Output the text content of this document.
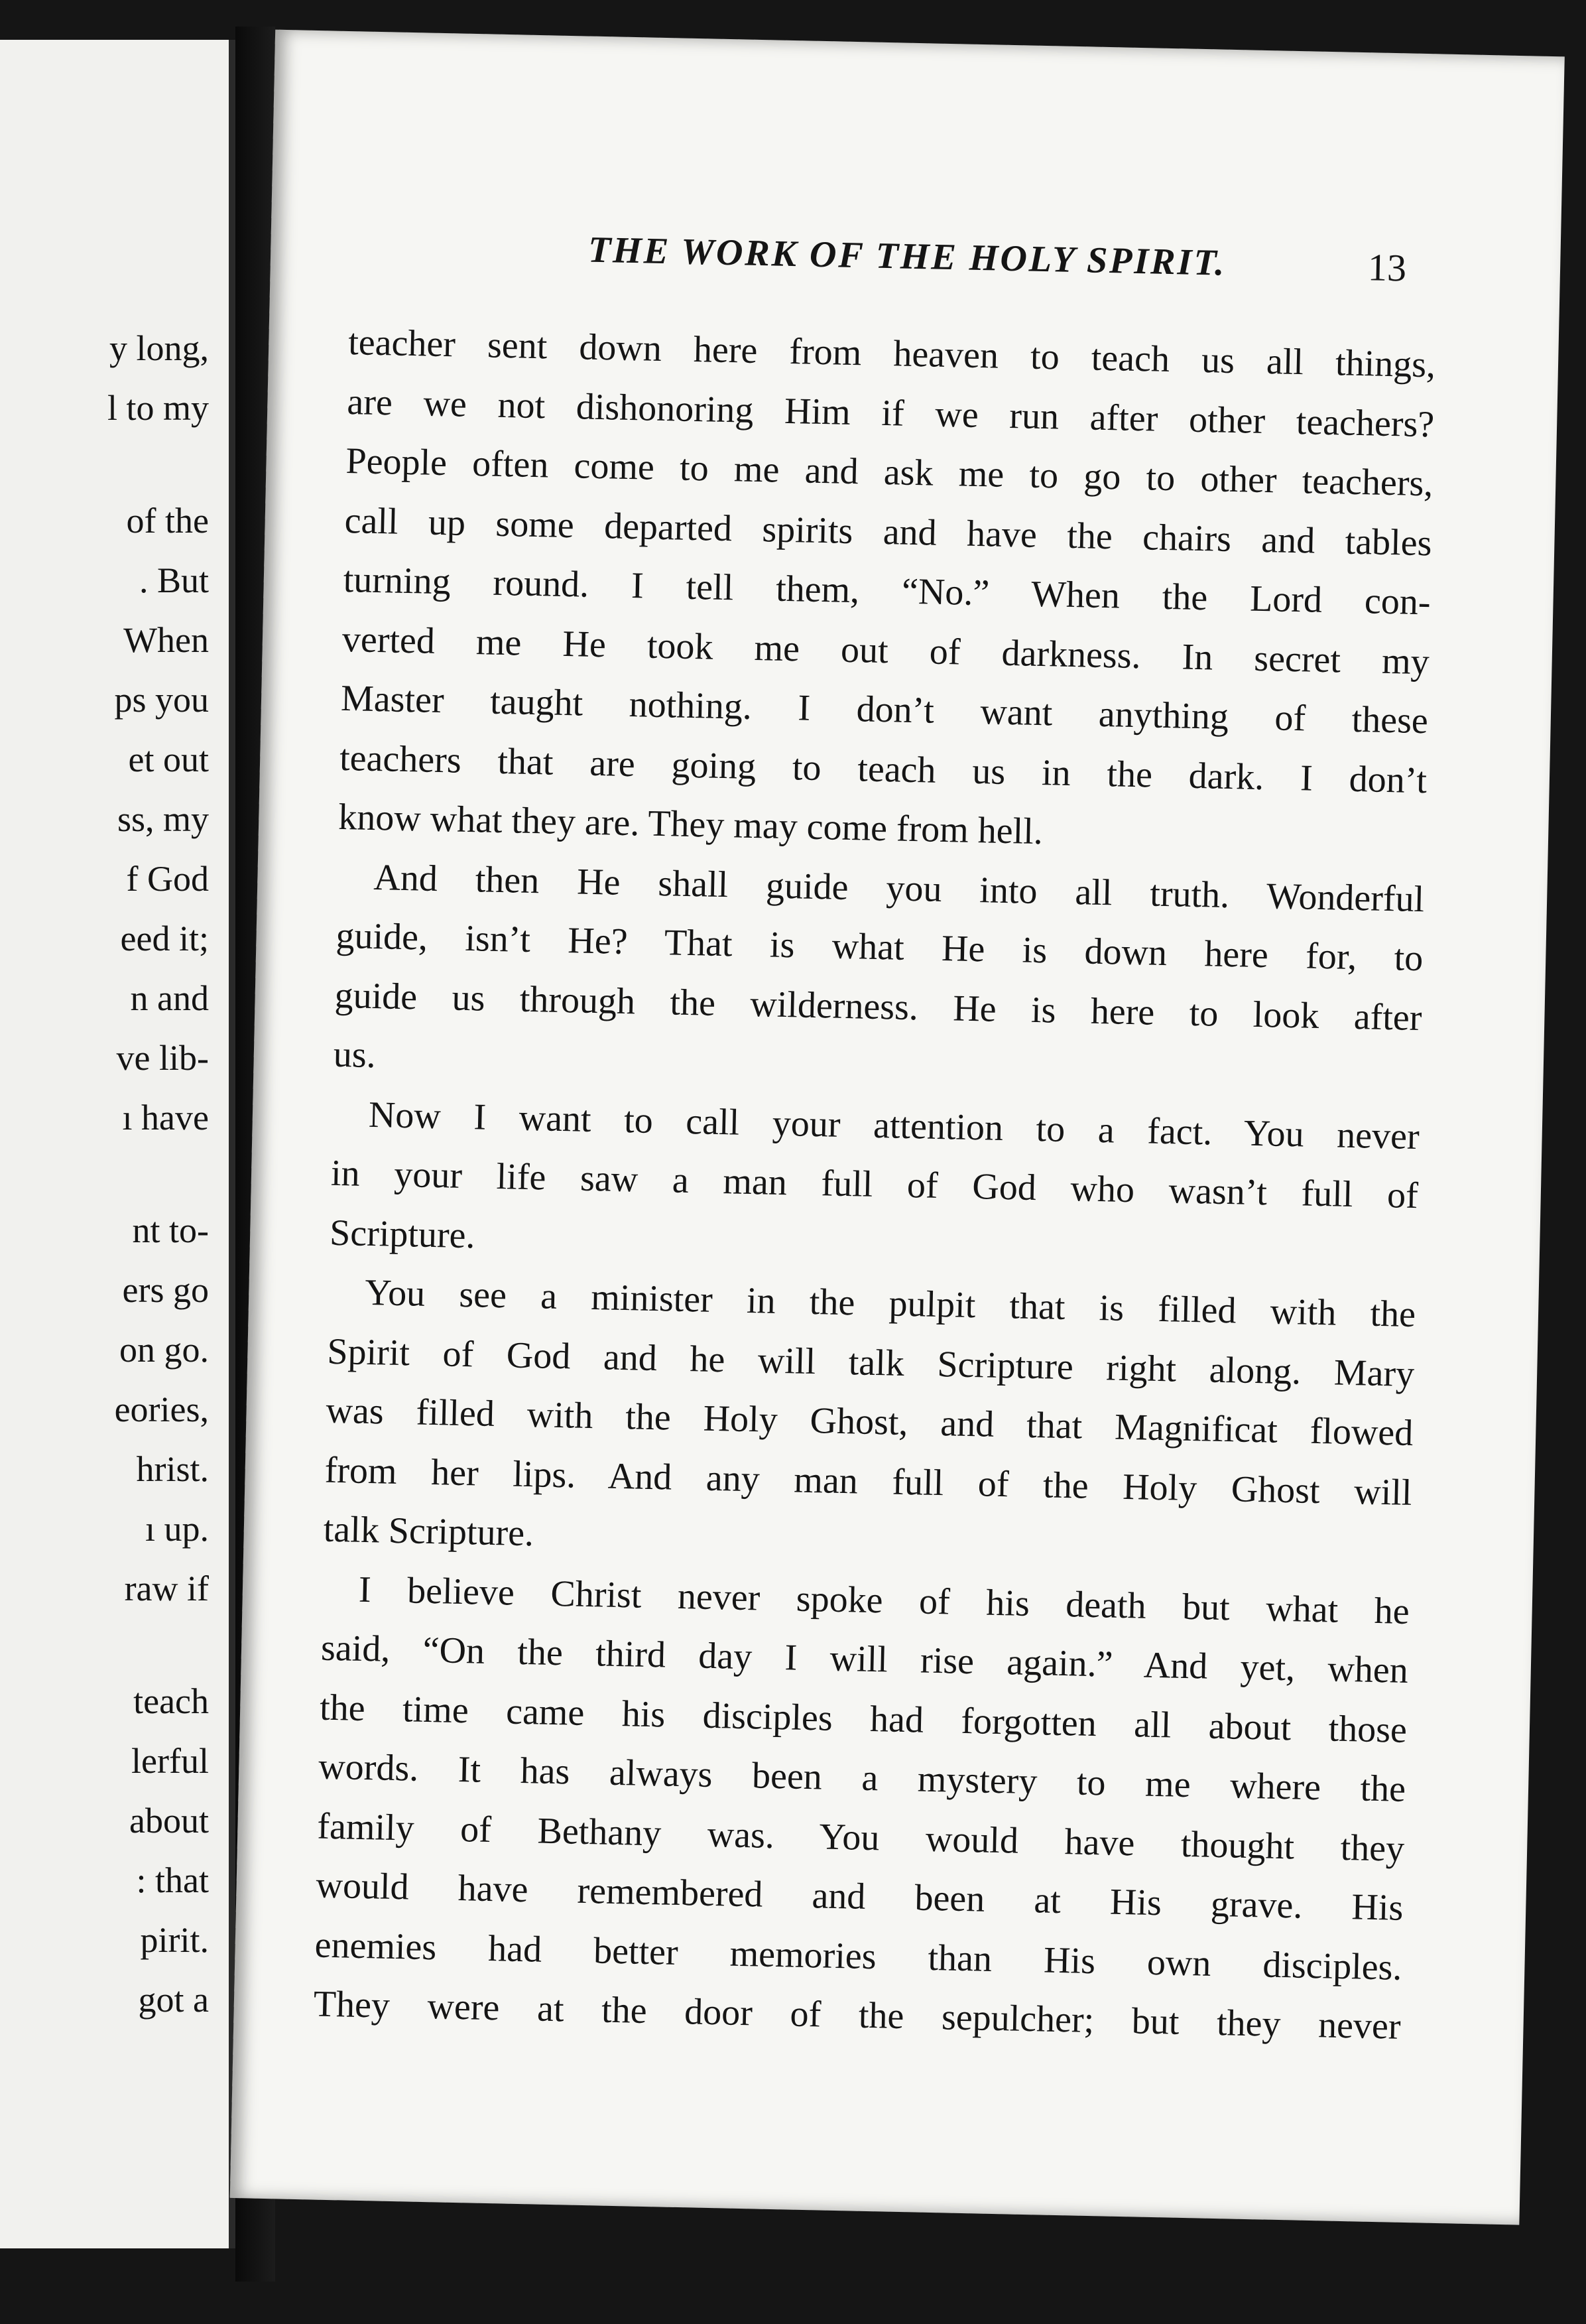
y long,
l to my
of the
. But
When
ps you
et out
ss, my
f God
eed it;
n and
ve lib-
ı have
nt to-
ers go
on go.
eories,
hrist.
ı up.
raw if
teach
lerful
about
: that
pirit.
got a
THE WORK OF THE HOLY SPIRIT.	13
teacher sent down here from heaven to teach us all things,
are we not dishonoring Him if we run after other teachers?
People often come to me and ask me to go to other teachers,
call up some departed spirits and have the chairs and tables
turning round. I tell them, “No.” When the Lord con-
verted me He took me out of darkness. In secret my
Master taught nothing. I don’t want anything of these
teachers that are going to teach us in the dark. I don’t
know what they are. They may come from hell.
And then He shall guide you into all truth. Wonderful
guide, isn’t He? That is what He is down here for, to
guide us through the wilderness. He is here to look after
us.
Now I want to call your attention to a fact. You never
in your life saw a man full of God who wasn’t full of
Scripture.
You see a minister in the pulpit that is filled with the
Spirit of God and he will talk Scripture right along. Mary
was filled with the Holy Ghost, and that Magnificat flowed
from her lips. And any man full of the Holy Ghost will
talk Scripture.
I believe Christ never spoke of his death but what he
said, “On the third day I will rise again.” And yet, when
the time came his disciples had forgotten all about those
words. It has always been a mystery to me where the
family of Bethany was. You would have thought they
would have remembered and been at His grave. His
enemies had better memories than His own disciples.
They were at the door of the sepulcher; but they never
